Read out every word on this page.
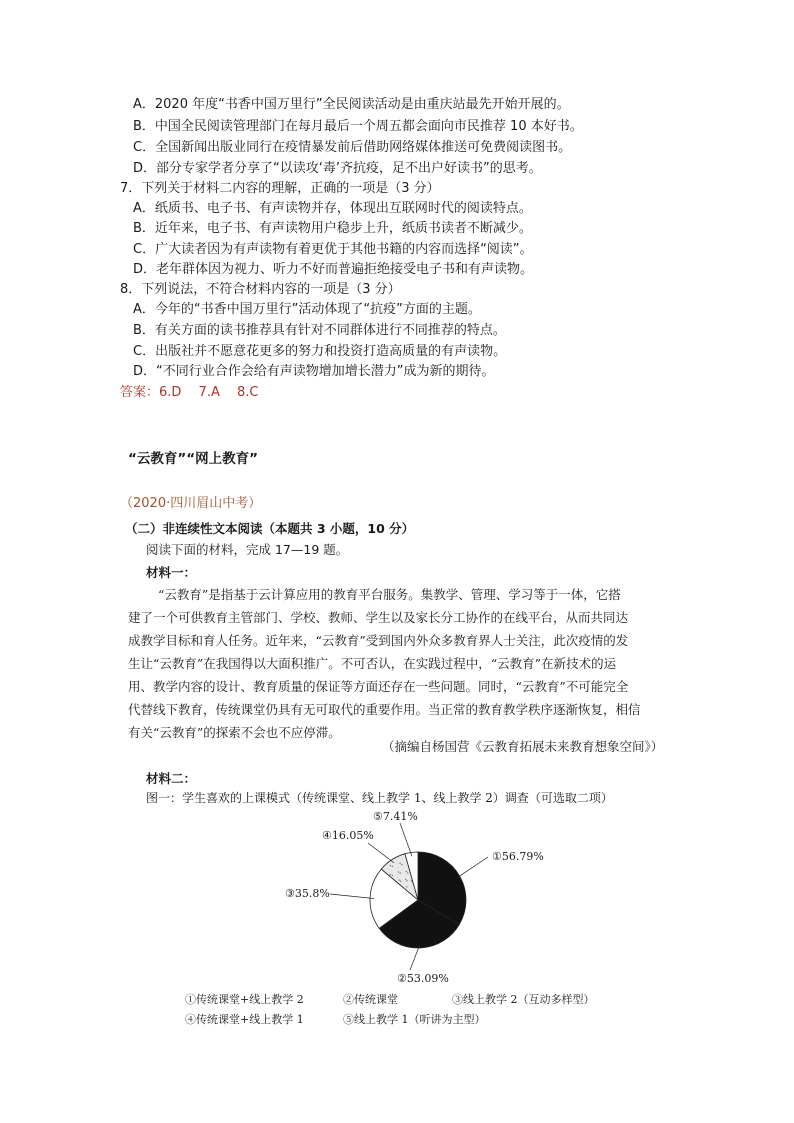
A．2020 年度“书香中国万里行”全民阅读活动是由重庆站最先开始开展的。
B．中国全民阅读管理部门在每月最后一个周五都会面向市民推荐 10 本好书。
C．全国新闻出版业同行在疫情暴发前后借助网络媒体推送可免费阅读图书。
D．部分专家学者分享了“以读攻‘毒’齐抗疫，足不出户好读书”的思考。
7．下列关于材料二内容的理解，正确的一项是（3 分）
A．纸质书、电子书、有声读物并存，体现出互联网时代的阅读特点。
B．近年来，电子书、有声读物用户稳步上升，纸质书读者不断减少。
C．广大读者因为有声读物有着更优于其他书籍的内容而选择“阅读”。
D．老年群体因为视力、听力不好而普遍拒绝接受电子书和有声读物。
8．下列说法，不符合材料内容的一项是（3 分）
A．今年的“书香中国万里行”活动体现了“抗疫”方面的主题。
B．有关方面的读书推荐具有针对不同群体进行不同推荐的特点。
C．出版社并不愿意花更多的努力和投资打造高质量的有声读物。
D．“不同行业合作会给有声读物增加增长潜力”成为新的期待。
答案：6.D　 7.A　 8.C
“云教育”“网上教育”
（2020·四川眉山中考）
（二）非连续性文本阅读（本题共 3 小题，10 分）
阅读下面的材料，完成 17—19 题。
材料一：
“云教育”是指基于云计算应用的教育平台服务。集教学、管理、学习等于一体，它搭
建了一个可供教育主管部门、学校、教师、学生以及家长分工协作的在线平台，从而共同达
成教学目标和育人任务。近年来，“云教育”受到国内外众多教育界人士关注，此次疫情的发
生让“云教育”在我国得以大面积推广。不可否认，在实践过程中，“云教育”在新技术的运
用、教学内容的设计、教育质量的保证等方面还存在一些问题。同时，“云教育”不可能完全
代替线下教育，传统课堂仍具有无可取代的重要作用。当正常的教育教学秩序逐渐恢复，相信
有关“云教育”的探索不会也不应停滞。
（摘编自杨国营《云教育拓展未来教育想象空间》）
材料二：
图一：学生喜欢的上课模式（传统课堂、线上教学 1、线上教学 2）调查（可选取二项）
①56.79%
②53.09%
③35.8%
④16.05%
⑤7.41%
①传统课堂+线上教学 2	②传统课堂	③线上教学 2（互动多样型）
④传统课堂+线上教学 1	⑤线上教学 1（听讲为主型）
